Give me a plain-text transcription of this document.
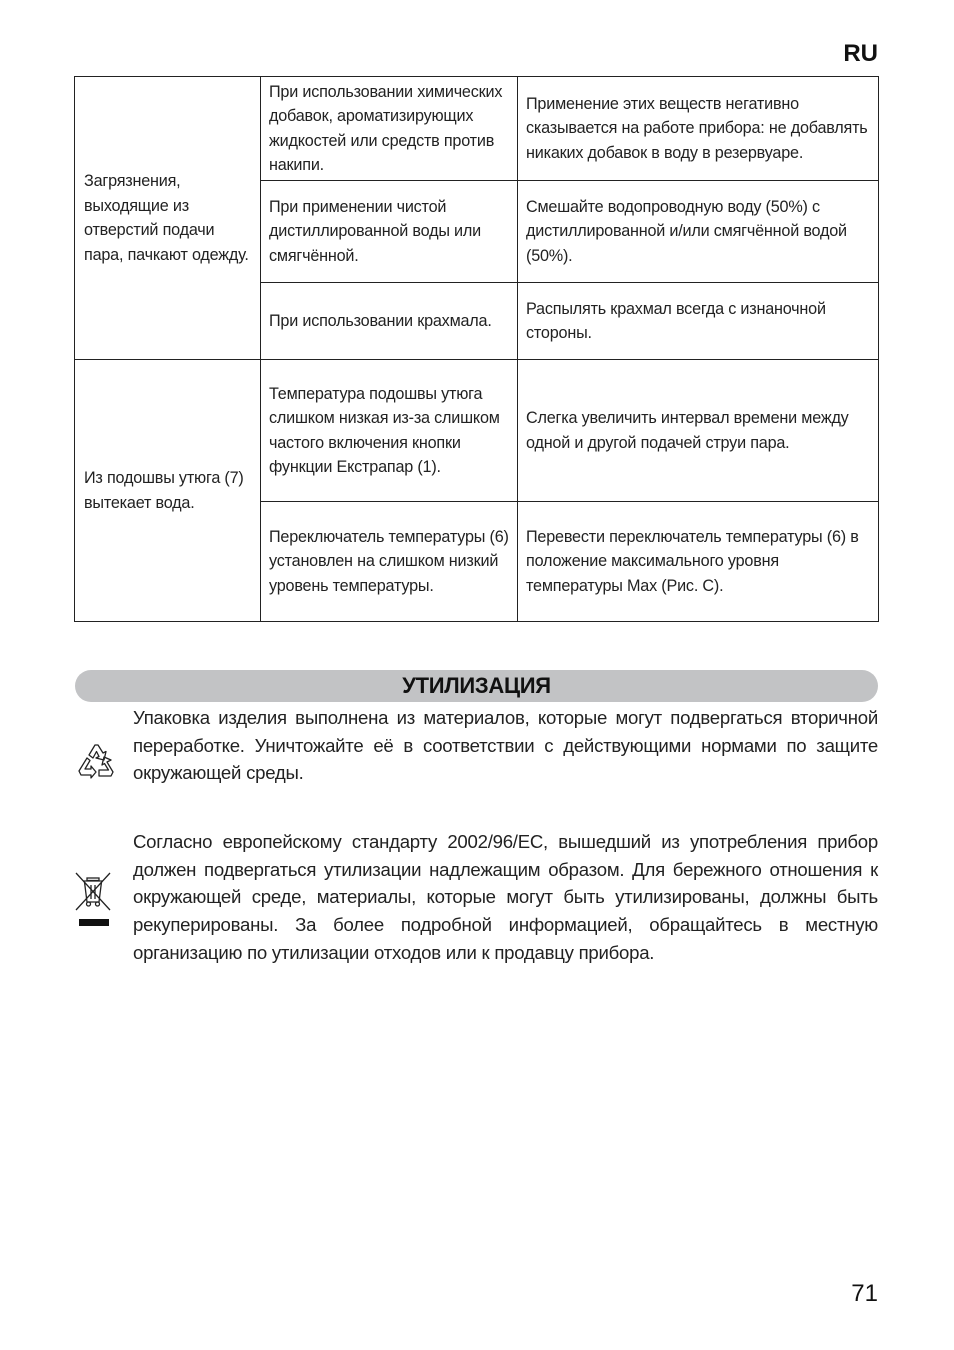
RU
Загрязнения, выходящие из отверстий подачи пара, пачкают одежду.	При использовании химических добавок, ароматизирующих жидкостей или средств против накипи.	Применение этих веществ негативно сказывается на работе прибора: не добавлять никаких добавок в воду в резервуаре.
	При применении чистой дистиллированной воды или смягчённой.	Смешайте водопроводную воду (50%) с дистиллированной и/или смягчённой водой (50%).
	При использовании крахмала.	Распылять крахмал всегда с изнаночной стороны.
Из подошвы утюга (7) вытекает вода.	Температура подошвы утюга слишком низкая из-за слишком частого включения кнопки функции Екстрапар (1).	Слегка увеличить интервал времени между одной и другой подачей струи пара.
	Переключатель температуры (6) установлен на слишком низкий уровень температуры.	Перевести переключатель температуры (6) в положение максимального уровня температуры Max (Рис. C).
УТИЛИЗАЦИЯ

Упаковка изделия выполнена из материалов, которые могут подвергаться вторичной переработке. Уничтожайте её в соответствии с действующими нормами по защите окружающей среды.

Согласно европейскому стандарту 2002/96/EC, вышедший из употребления прибор должен подвергаться утилизации надлежащим образом. Для бережного отношения к окружающей среде, материалы, которые могут быть утилизированы, должны быть рекуперированы. За более подробной информацией, обращайтесь в местную организацию по утилизации отходов или к продавцу прибора.

71
